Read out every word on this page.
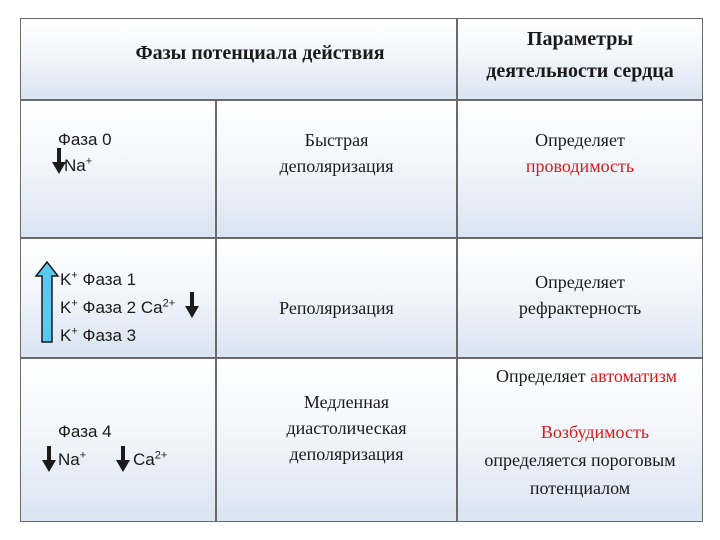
Фазы потенциала действия
Параметры
деятельности сердца
Фаза 0
Na+
Быстрая
деполяризация
Определяет
проводимость
K+ Фаза 1
K+ Фаза 2 $Ca^{2+}$
K+ Фаза 3
Реполяризация
Определяет
рефрактерность
Фаза 4
Na+	$Ca^{2+}$
Медленная
диастолическая
деполяризация
Определяет автоматизм
Возбудимость
определяется пороговым
потенциалом
